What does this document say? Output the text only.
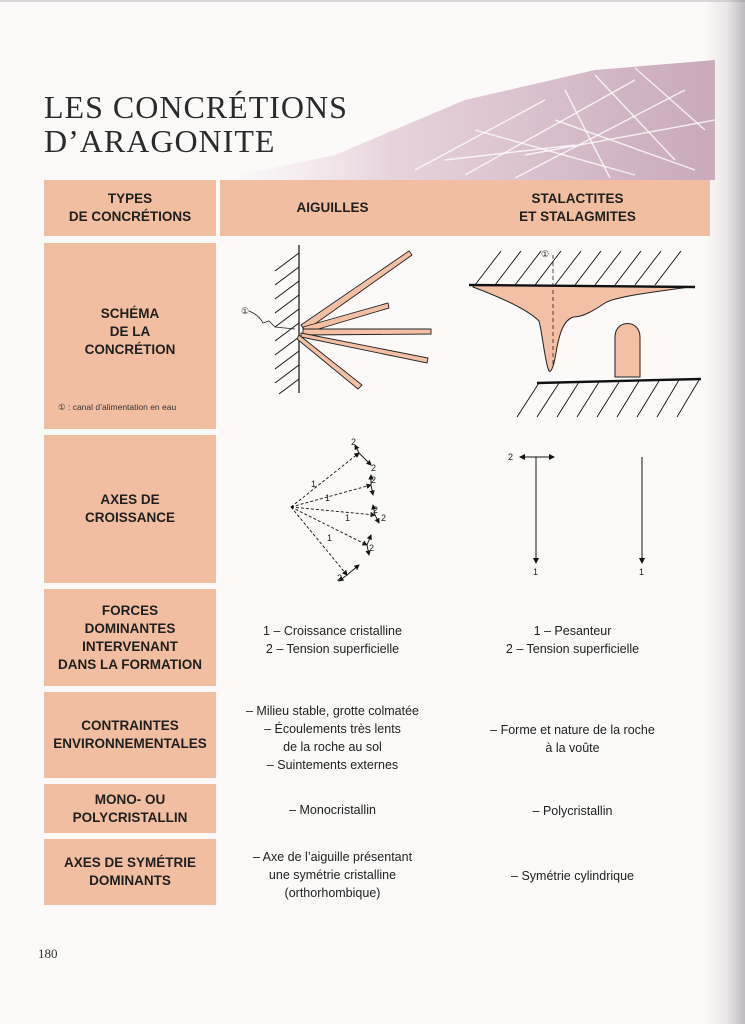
LES CONCRÉTIONS
D’ARAGONITE
TYPES
DE CONCRÉTIONS
AIGUILLES
STALACTITES
ET STALAGMITES
SCHÉMA
DE LA
CONCRÉTION
① : canal d’alimentation en eau
AXES DE
CROISSANCE
FORCES
DOMINANTES
INTERVENANT
DANS LA FORMATION
CONTRAINTES
ENVIRONNEMENTALES
MONO- OU
POLYCRISTALLIN
AXES DE SYMÉTRIE
DOMINANTS
①
①
1
1
1
1
2
2
2
2
2
2
2
2
1	1
1 – Croissance cristalline
2 – Tension superficielle
1 – Pesanteur
2 – Tension superficielle
– Milieu stable, grotte colmatée
– Écoulements très lents
de la roche au sol
– Suintements externes
– Forme et nature de la roche
à la voûte
– Monocristallin	– Polycristallin
– Axe de l’aiguille présentant
une symétrie cristalline
(orthorhombique)
– Symétrie cylindrique
180
